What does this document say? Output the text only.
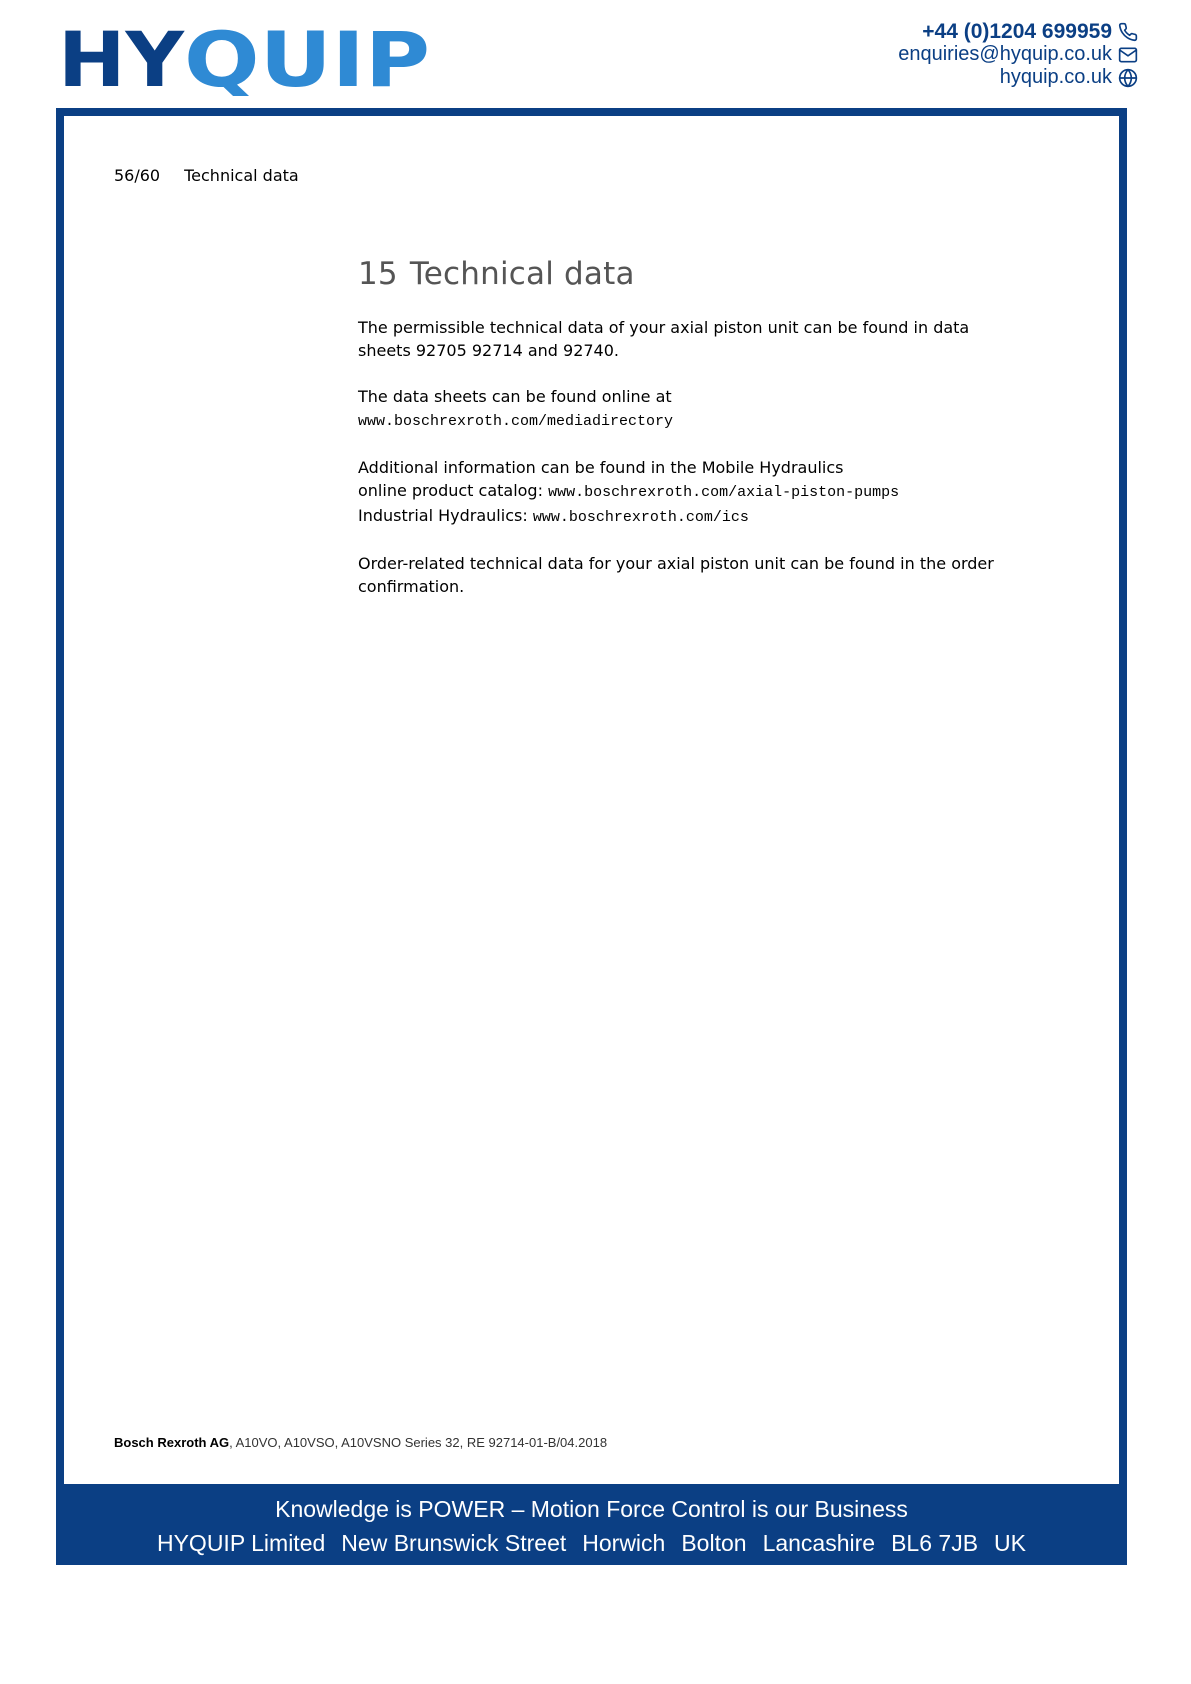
HY
QUIP	+44 (0)1204 699959
enquiries@hyquip.co.uk
hyquip.co.uk
56/60 Technical data
15 Technical data

The permissible technical data of your axial piston unit can be found in data sheets 92705 92714 and 92740.

The data sheets can be found online at
www.boschrexroth.com/mediadirectory

Additional information can be found in the Mobile Hydraulics
online product catalog: www.boschrexroth.com/axial-piston-pumps
Industrial Hydraulics: www.boschrexroth.com/ics

Order-related technical data for your axial piston unit can be found in the order confirmation.

Bosch Rexroth AG, A10VO, A10VSO, A10VSNO Series 32, RE 92714-01-B/04.2018
Knowledge is POWER – Motion Force Control is our Business
HYQUIP Limited New Brunswick Street Horwich Bolton Lancashire BL6 7JB UK
